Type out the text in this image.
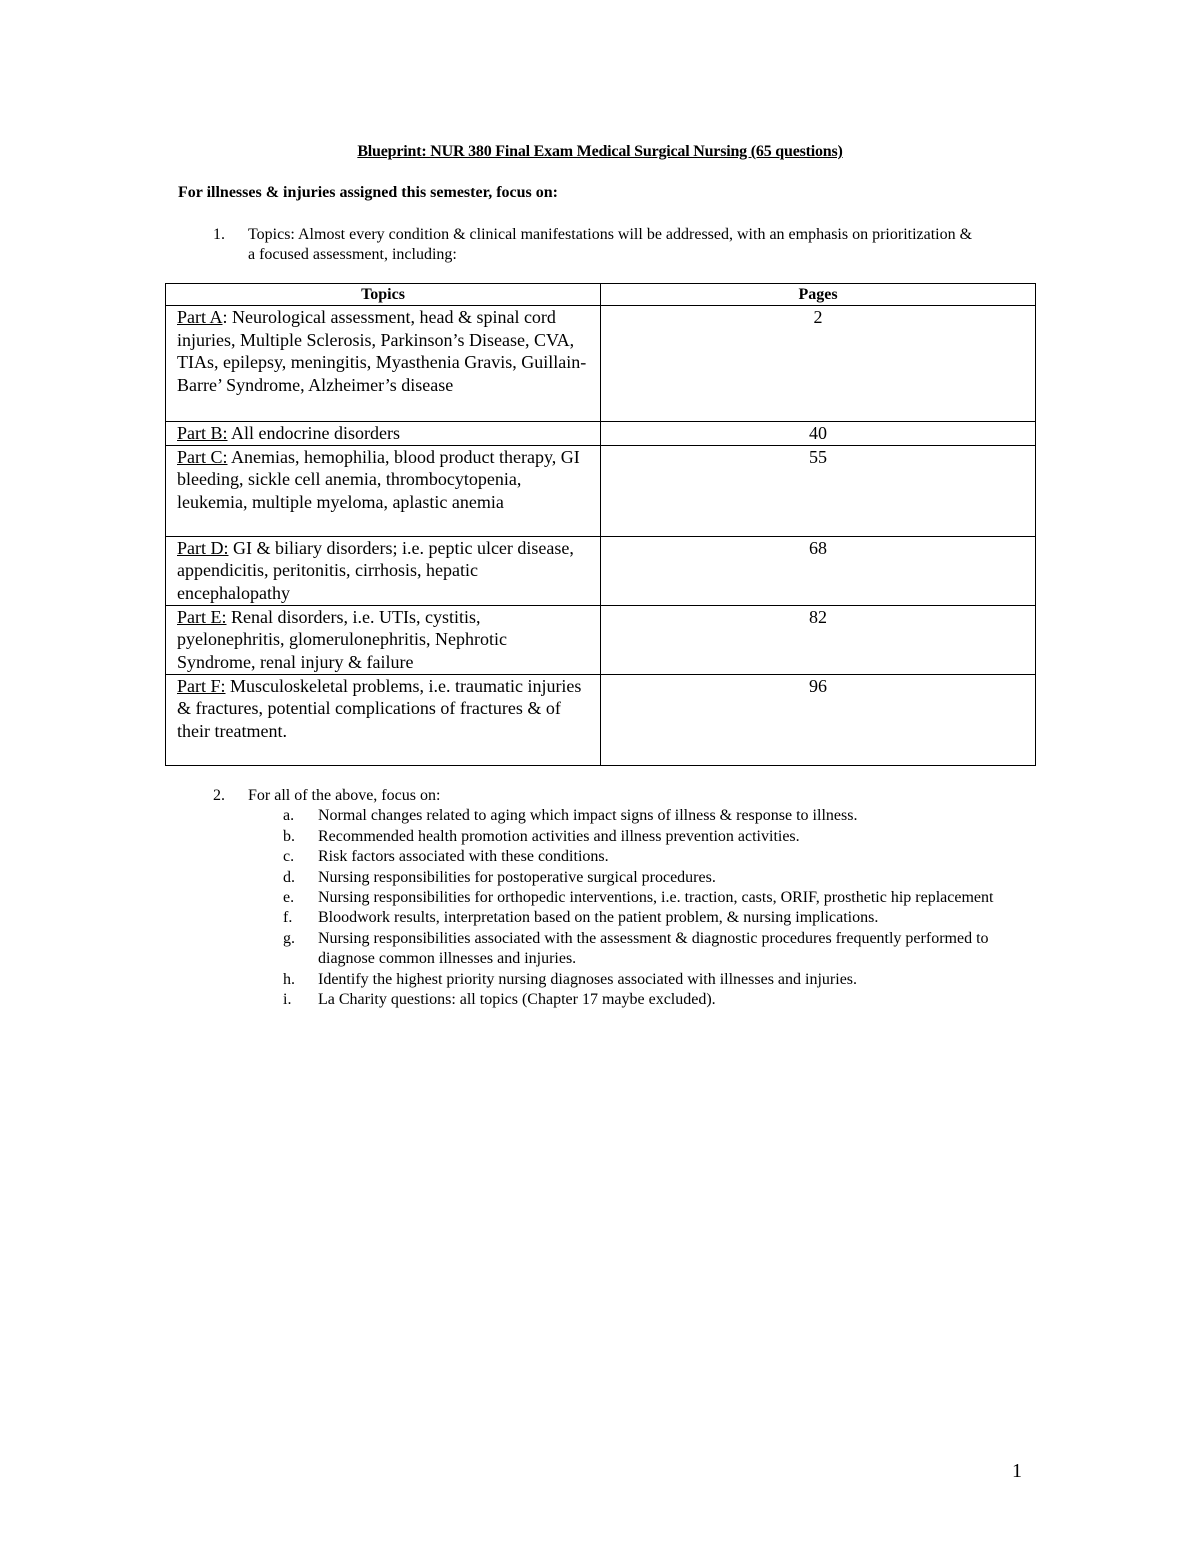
Blueprint: NUR 380 Final Exam Medical Surgical Nursing (65 questions)
For illnesses & injuries assigned this semester, focus on:
1. Topics: Almost every condition & clinical manifestations will be addressed, with an emphasis on prioritization & a focused assessment, including:
Topics	Pages
Part A: Neurological assessment, head & spinal cord injuries, Multiple Sclerosis, Parkinson’s Disease, CVA, TIAs, epilepsy, meningitis, Myasthenia Gravis, Guillain-Barre’ Syndrome, Alzheimer’s disease	2
Part B: All endocrine disorders	40
Part C: Anemias, hemophilia, blood product therapy, GI bleeding, sickle cell anemia, thrombocytopenia, leukemia, multiple myeloma, aplastic anemia	55
Part D: GI & biliary disorders; i.e. peptic ulcer disease, appendicitis, peritonitis, cirrhosis, hepatic encephalopathy	68
Part E: Renal disorders, i.e. UTIs, cystitis, pyelonephritis, glomerulonephritis, Nephrotic Syndrome, renal injury & failure	82
Part F: Musculoskeletal problems, i.e. traumatic injuries & fractures, potential complications of fractures & of their treatment.	96
2. For all of the above, focus on:
a. Normal changes related to aging which impact signs of illness & response to illness.
b. Recommended health promotion activities and illness prevention activities.
c. Risk factors associated with these conditions.
d. Nursing responsibilities for postoperative surgical procedures.
e. Nursing responsibilities for orthopedic interventions, i.e. traction, casts, ORIF, prosthetic hip replacement
f. Bloodwork results, interpretation based on the patient problem, & nursing implications.
g. Nursing responsibilities associated with the assessment & diagnostic procedures frequently performed to diagnose common illnesses and injuries.
h. Identify the highest priority nursing diagnoses associated with illnesses and injuries.
i. La Charity questions: all topics (Chapter 17 maybe excluded).
1
